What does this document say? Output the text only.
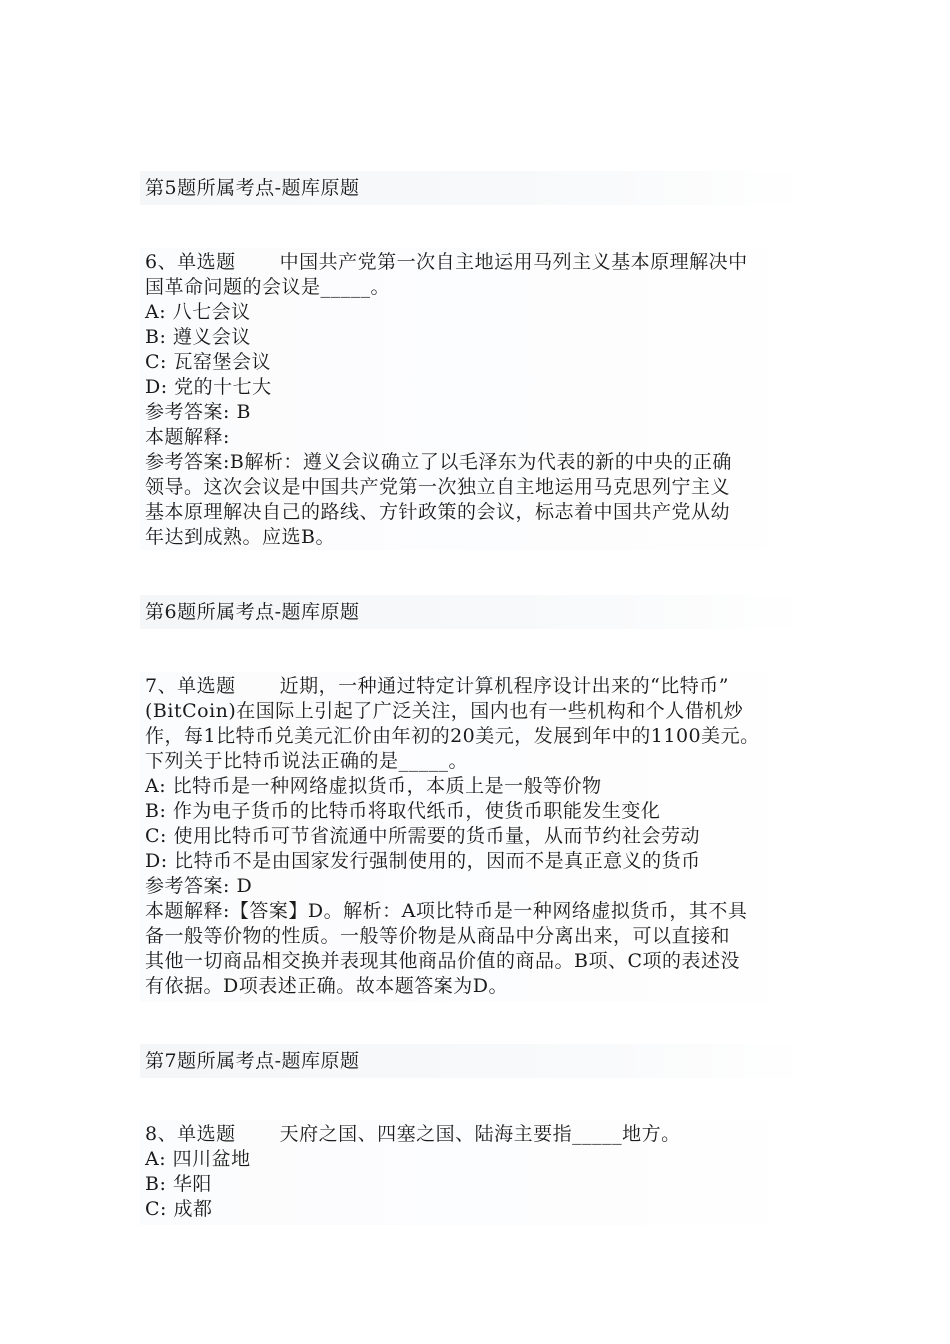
第5题所属考点-题库原题
6、单选题 中国共产党第一次自主地运用马列主义基本原理解决中
国革命问题的会议是_____。
A: 八七会议
B: 遵义会议
C: 瓦窑堡会议
D: 党的十七大
参考答案: B
本题解释:
参考答案:B解析：遵义会议确立了以毛泽东为代表的新的中央的正确
领导。这次会议是中国共产党第一次独立自主地运用马克思列宁主义
基本原理解决自己的路线、方针政策的会议，标志着中国共产党从幼
年达到成熟。应选B。
第6题所属考点-题库原题
7、单选题 近期，一种通过特定计算机程序设计出来的“比特币”
(BitCoin)在国际上引起了广泛关注，国内也有一些机构和个人借机炒
作，每1比特币兑美元汇价由年初的20美元，发展到年中的1100美元。
下列关于比特币说法正确的是_____。
A: 比特币是一种网络虚拟货币，本质上是一般等价物
B: 作为电子货币的比特币将取代纸币，使货币职能发生变化
C: 使用比特币可节省流通中所需要的货币量，从而节约社会劳动
D: 比特币不是由国家发行强制使用的，因而不是真正意义的货币
参考答案: D
本题解释:【答案】D。解析：A项比特币是一种网络虚拟货币，其不具
备一般等价物的性质。一般等价物是从商品中分离出来，可以直接和
其他一切商品相交换并表现其他商品价值的商品。B项、C项的表述没
有依据。D项表述正确。故本题答案为D。
第7题所属考点-题库原题
8、单选题 天府之国、四塞之国、陆海主要指_____地方。
A: 四川盆地
B: 华阳
C: 成都
